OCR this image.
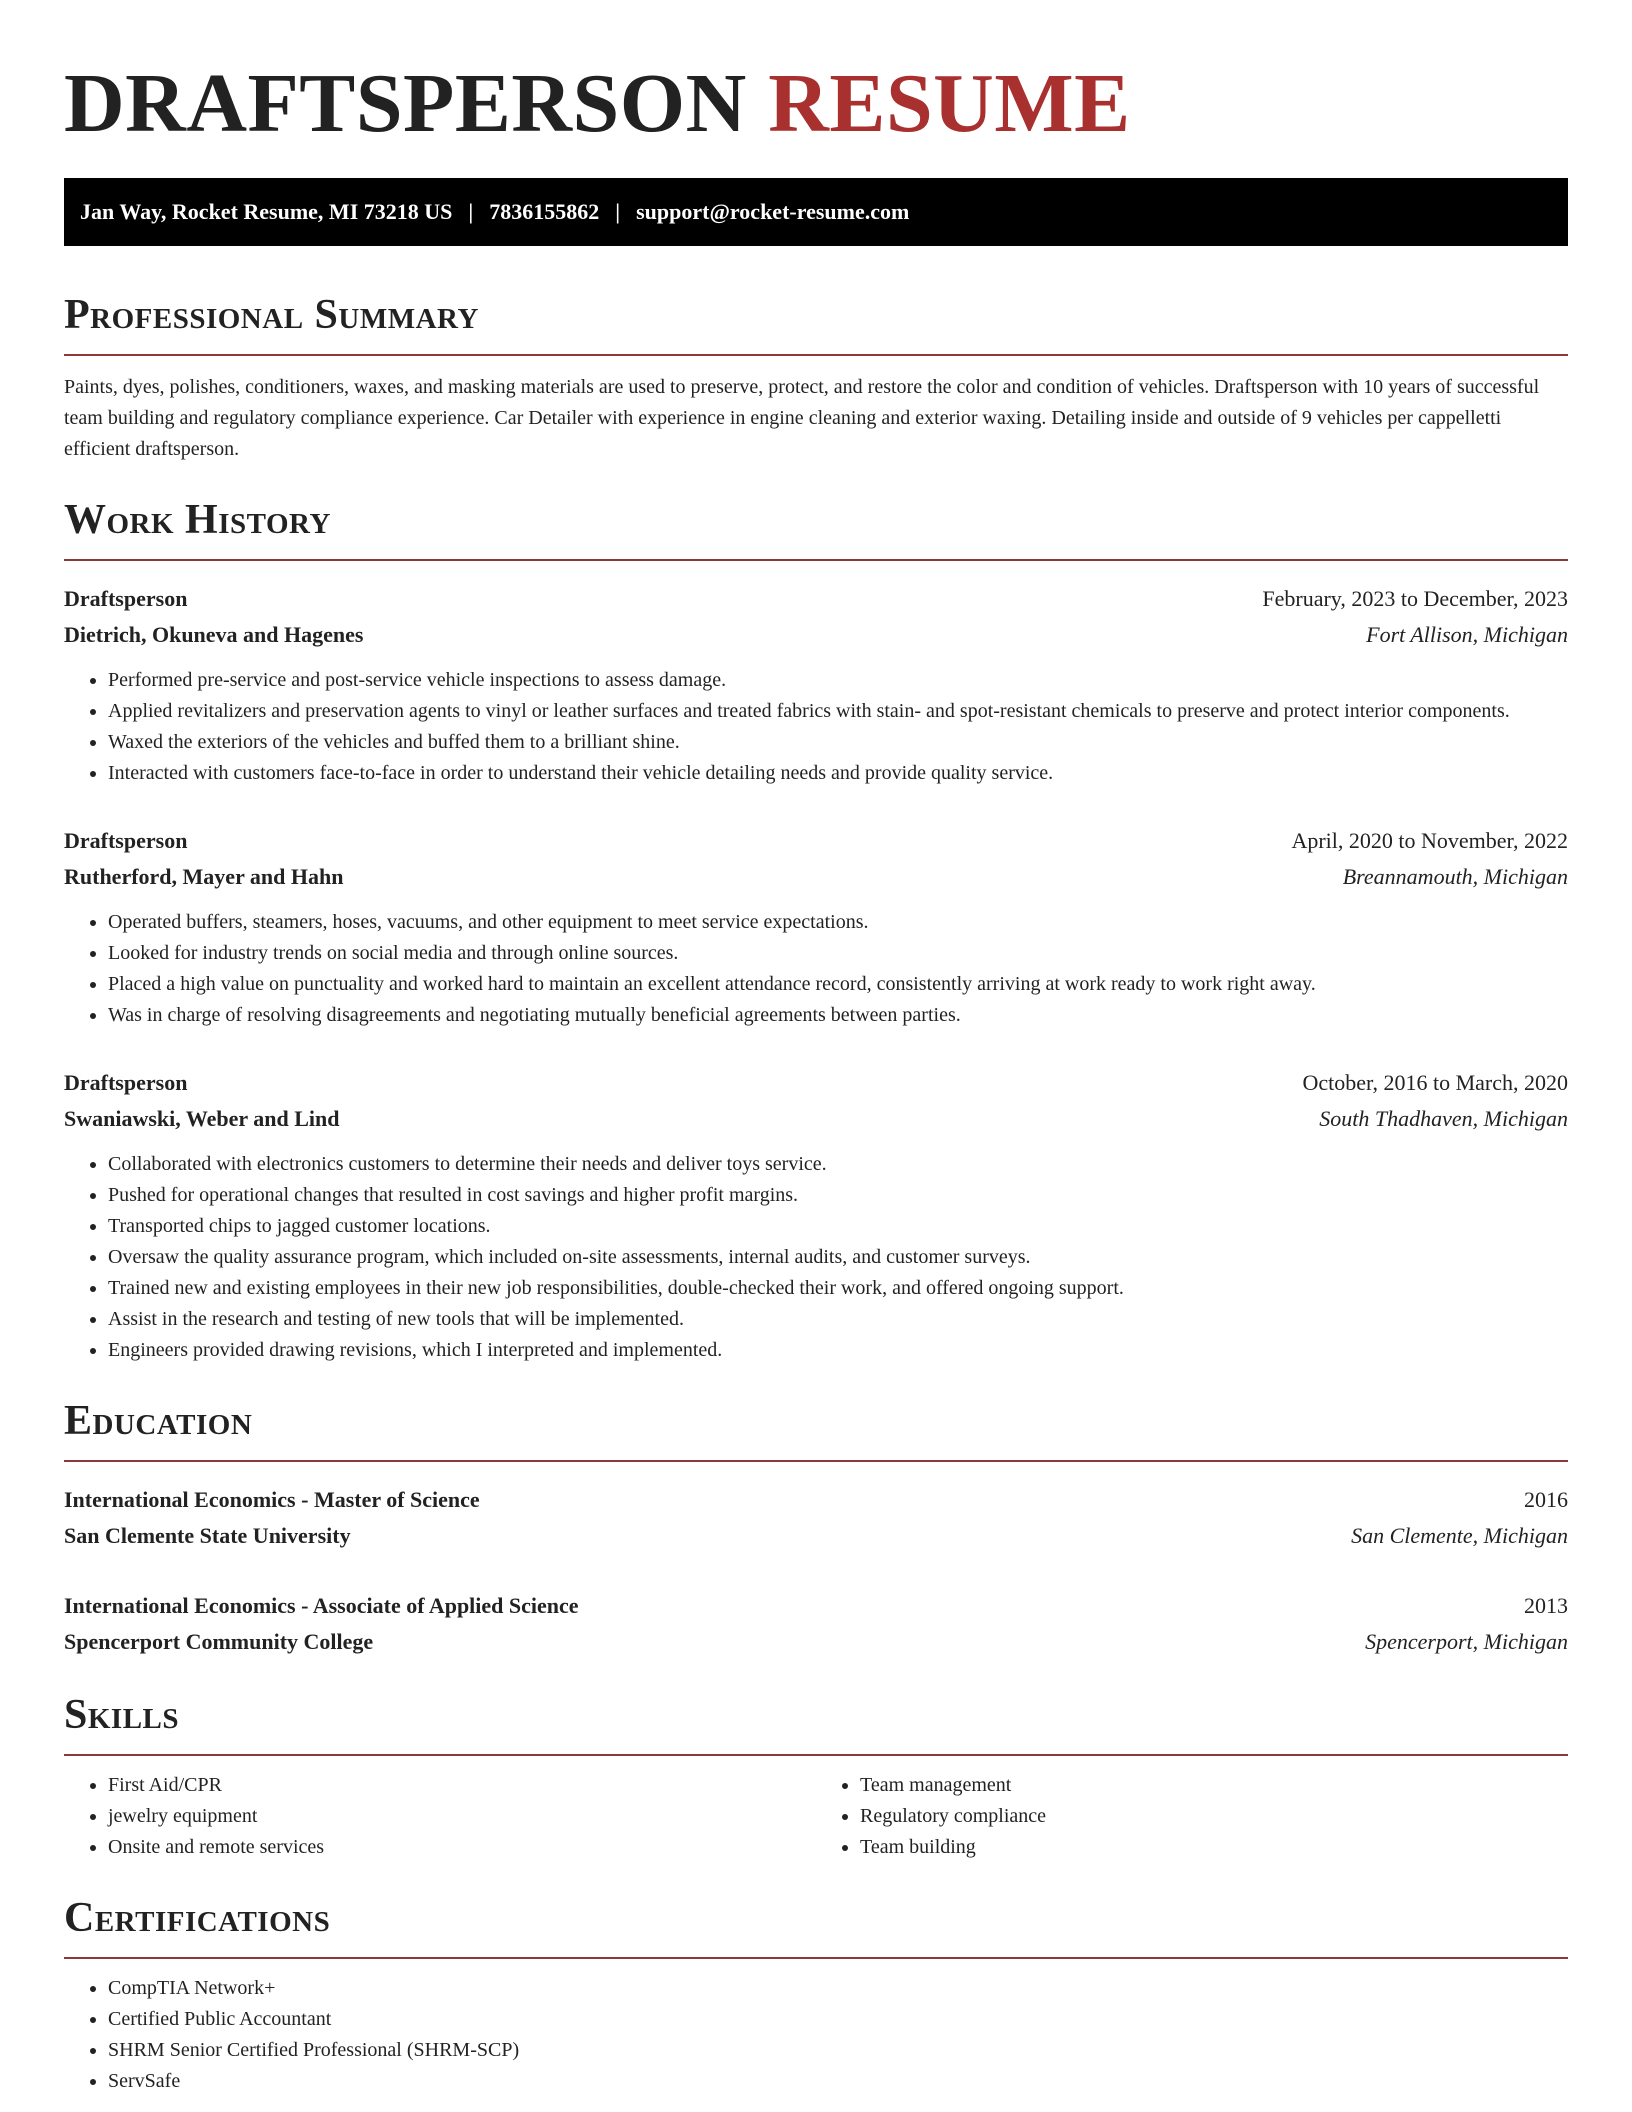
DRAFTSPERSON RESUME
Jan Way, Rocket Resume, MI 73218 US | 7836155862 | support@rocket-resume.com
Professional Summary

Paints, dyes, polishes, conditioners, waxes, and masking materials are used to preserve, protect, and restore the color and condition of vehicles. Draftsperson with 10 years of successful team building and regulatory compliance experience. Car Detailer with experience in engine cleaning and exterior waxing. Detailing inside and outside of 9 vehicles per cappelletti efficient draftsperson.

Work History
Draftsperson	February, 2023 to December, 2023
Dietrich, Okuneva and Hagenes	Fort Allison, Michigan
• Performed pre-service and post-service vehicle inspections to assess damage.
• Applied revitalizers and preservation agents to vinyl or leather surfaces and treated fabrics with stain- and spot-resistant chemicals to preserve and protect interior components.
• Waxed the exteriors of the vehicles and buffed them to a brilliant shine.
• Interacted with customers face-to-face in order to understand their vehicle detailing needs and provide quality service.
Draftsperson	April, 2020 to November, 2022
Rutherford, Mayer and Hahn	Breannamouth, Michigan
• Operated buffers, steamers, hoses, vacuums, and other equipment to meet service expectations.
• Looked for industry trends on social media and through online sources.
• Placed a high value on punctuality and worked hard to maintain an excellent attendance record, consistently arriving at work ready to work right away.
• Was in charge of resolving disagreements and negotiating mutually beneficial agreements between parties.
Draftsperson	October, 2016 to March, 2020
Swaniawski, Weber and Lind	South Thadhaven, Michigan
• Collaborated with electronics customers to determine their needs and deliver toys service.
• Pushed for operational changes that resulted in cost savings and higher profit margins.
• Transported chips to jagged customer locations.
• Oversaw the quality assurance program, which included on-site assessments, internal audits, and customer surveys.
• Trained new and existing employees in their new job responsibilities, double-checked their work, and offered ongoing support.
• Assist in the research and testing of new tools that will be implemented.
• Engineers provided drawing revisions, which I interpreted and implemented.
Education
International Economics - Master of Science	2016
San Clemente State University	San Clemente, Michigan
International Economics - Associate of Applied Science	2013
Spencerport Community College	Spencerport, Michigan
Skills
• First Aid/CPR
• jewelry equipment
• Onsite and remote services
• Team management
• Regulatory compliance
• Team building
Certifications
• CompTIA Network+
• Certified Public Accountant
• SHRM Senior Certified Professional (SHRM-SCP)
• ServSafe
